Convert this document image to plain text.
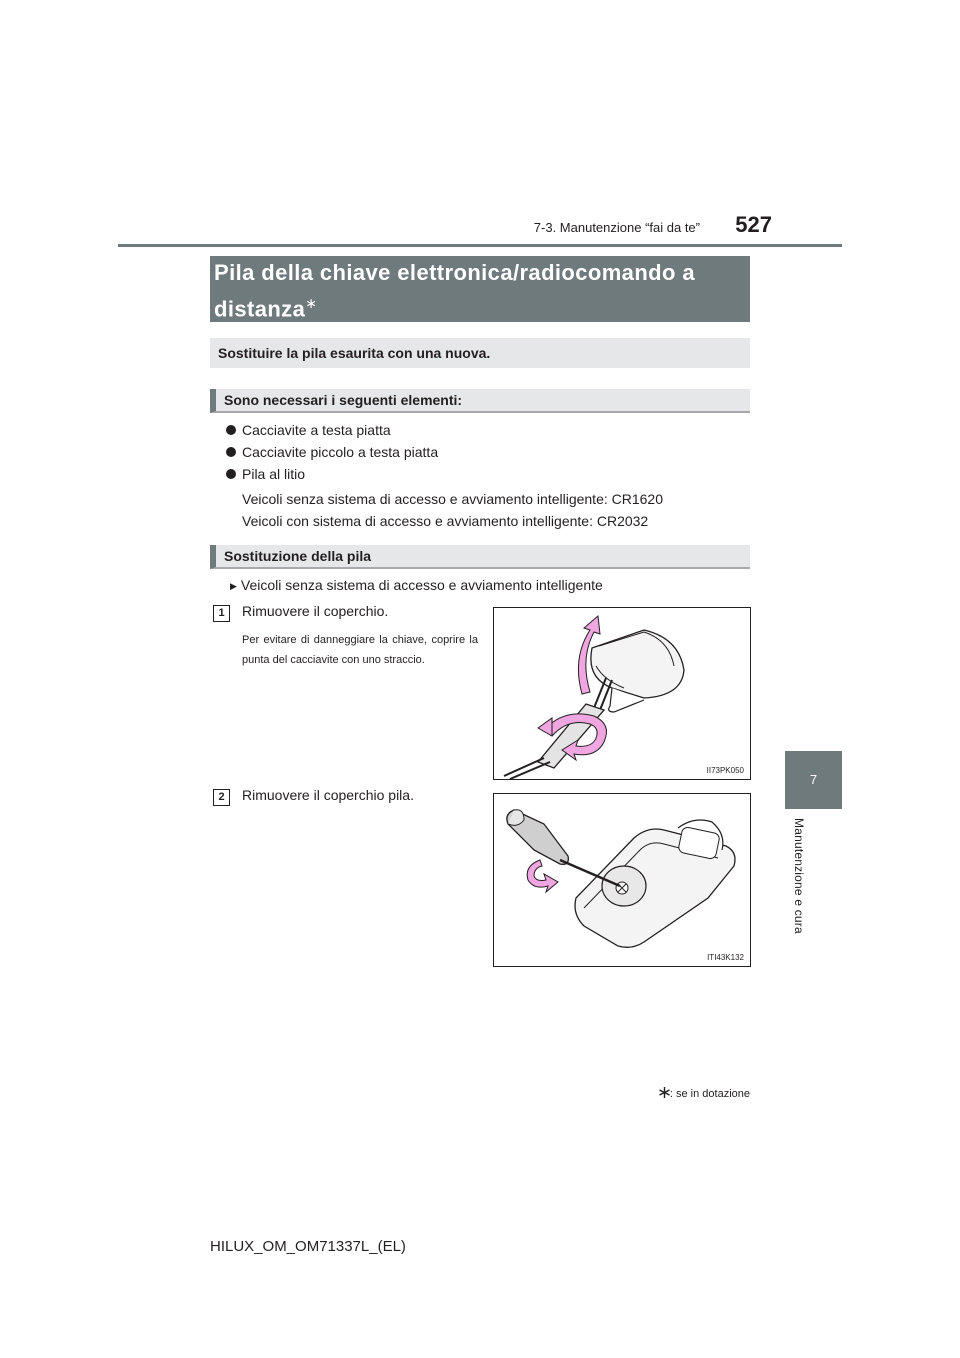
7-3. Manutenzione “fai da te”	527
7
Manutenzione e cura
Pila della chiave elettronica/radiocomando a distanza∗
Sostituire la pila esaurita con una nuova.
Sono necessari i seguenti elementi:
Cacciavite a testa piatta
Cacciavite piccolo a testa piatta
Pila al litio
Veicoli senza sistema di accesso e avviamento intelligente: CR1620
Veicoli con sistema di accesso e avviamento intelligente: CR2032
Sostituzione della pila
▶ Veicoli senza sistema di accesso e avviamento intelligente
1	Rimuovere il coperchio.
Per evitare di danneggiare la chiave, coprire la punta del cacciavite con uno straccio.
II73PK050
2	Rimuovere il coperchio pila.
ITI43K132
: se in dotazione
HILUX_OM_OM71337L_(EL)
